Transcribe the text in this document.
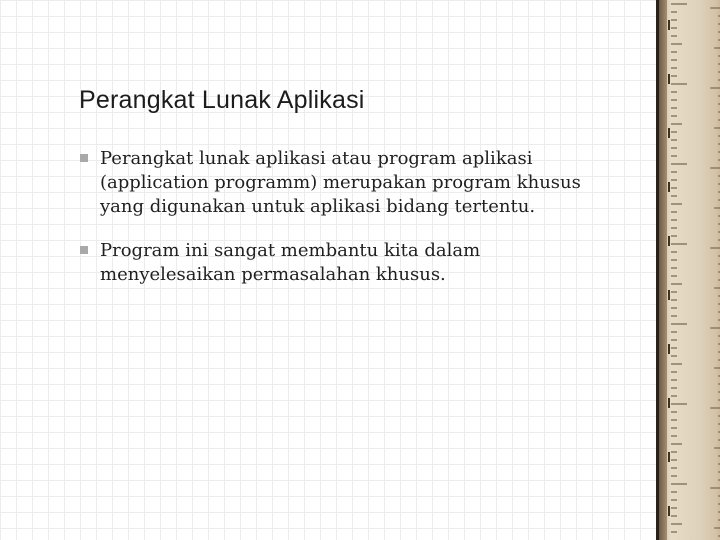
Perangkat Lunak Aplikasi
Perangkat lunak aplikasi atau program aplikasi (application programm) merupakan program khusus yang digunakan untuk aplikasi bidang tertentu.
Program ini sangat membantu kita dalam menyelesaikan permasalahan khusus.
